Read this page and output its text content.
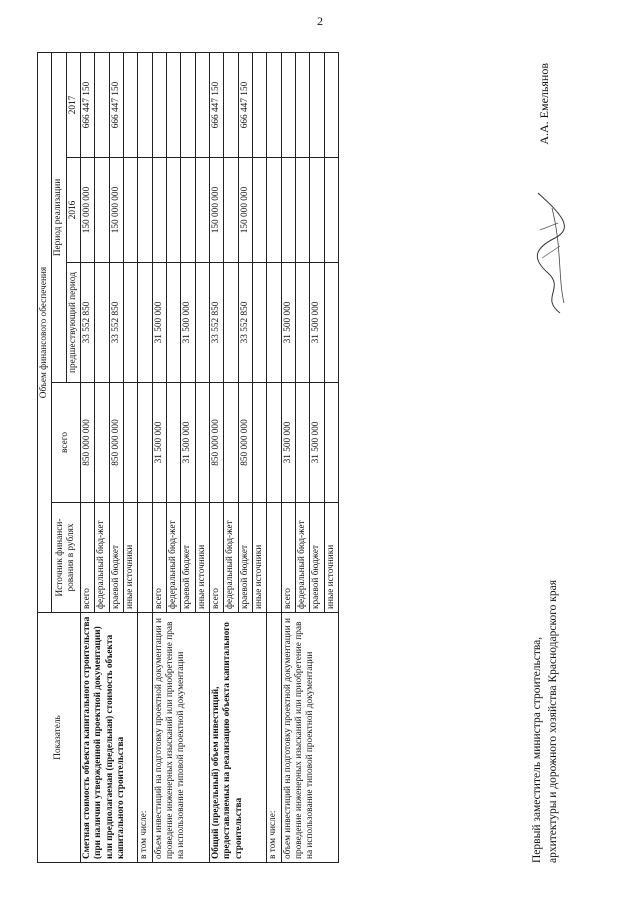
2
Показатель	Объем финансового обеспечения				
	Источник финанси-рования в рублях	всего	Период реализации		
			предшествующий период	2016	2017
Сметная стоимость объекта капитального строительства (при наличии утвержденной проектной документации) или предполагаемая (предельная) стоимость объекта капитального строительства	всего	850 000 000	33 552 850	150 000 000	666 447 150
	федеральный бюд-жет				
	краевой бюджет	850 000 000	33 552 850	150 000 000	666 447 150
	иные источники				
в том числе:					
объем инвестиций на подготовку проектной документации и проведение инженерных изысканий или приобретение прав на использование типовой проектной документации	всего	31 500 000	31 500 000		
	федеральный бюд-жет				
	краевой бюджет	31 500 000	31 500 000		
	иные источники				
Общий (предельный) объем инвестиций, предоставляемых на реализацию объекта капитального строительства	всего	850 000 000	33 552 850	150 000 000	666 447 150
	федеральный бюд-жет				
	краевой бюджет	850 000 000	33 552 850	150 000 000	666 447 150
	иные источники				
в том числе:					
объем инвестиций на подготовку проектной документации и проведение инженерных изысканий или приобретение прав на использование типовой проектной документации	всего	31 500 000	31 500 000		
	федеральный бюд-жет				
	краевой бюджет	31 500 000	31 500 000		
	иные источники				
Первый заместитель министра строительства, архитектуры и дорожного хозяйства Краснодарского края
А.А. Емельянов
